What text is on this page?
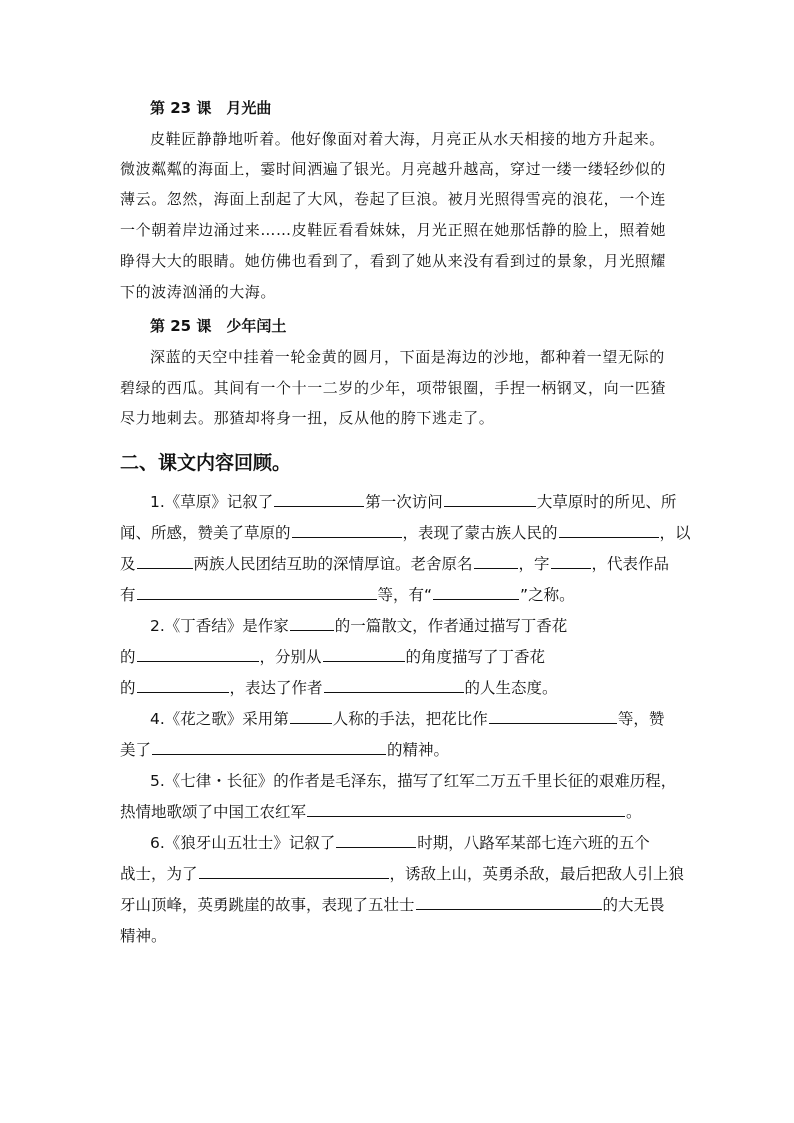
第 23 课　月光曲
皮鞋匠静静地听着。他好像面对着大海，月亮正从水天相接的地方升起来。
微波粼粼的海面上，霎时间洒遍了银光。月亮越升越高，穿过一缕一缕轻纱似的
薄云。忽然，海面上刮起了大风，卷起了巨浪。被月光照得雪亮的浪花，一个连
一个朝着岸边涌过来……皮鞋匠看看妹妹，月光正照在她那恬静的脸上，照着她
睁得大大的眼睛。她仿佛也看到了，看到了她从来没有看到过的景象，月光照耀
下的波涛汹涌的大海。
第 25 课　少年闰土
深蓝的天空中挂着一轮金黄的圆月，下面是海边的沙地，都种着一望无际的
碧绿的西瓜。其间有一个十一二岁的少年，项带银圈，手捏一柄钢叉，向一匹猹
尽力地刺去。那猹却将身一扭，反从他的胯下逃走了。
二、课文内容回顾。
1.《草原》记叙了	第一次访问	大草原时的所见、所
闻、所感，赞美了草原的	，表现了蒙古族人民的	，以
及	两族人民团结互助的深情厚谊。老舍原名	，字	，代表作品
有	等，有“	”之称。
2.《丁香结》是作家	的一篇散文，作者通过描写丁香花
的	，分别从	的角度描写了丁香花
的	，表达了作者	的人生态度。
4.《花之歌》采用第	人称的手法，把花比作	等，赞
美了	的精神。
5.《七律・长征》的作者是毛泽东，描写了红军二万五千里长征的艰难历程，
热情地歌颂了中国工农红军	。
6.《狼牙山五壮士》记叙了	时期，八路军某部七连六班的五个
战士，为了	，诱敌上山，英勇杀敌，最后把敌人引上狼
牙山顶峰，英勇跳崖的故事，表现了五壮士	的大无畏
精神。
